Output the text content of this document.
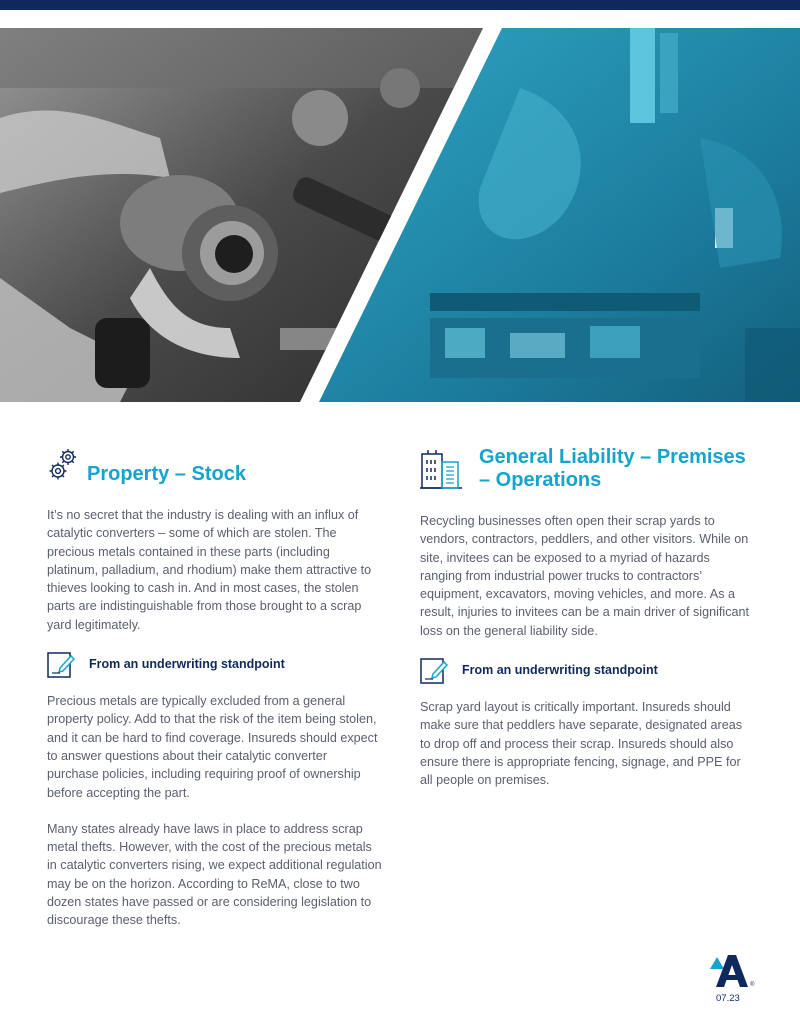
Property – Stock

It’s no secret that the industry is dealing with an influx of catalytic converters – some of which are stolen. The precious metals contained in these parts (including platinum, palladium, and rhodium) make them attractive to thieves looking to cash in. And in most cases, the stolen parts are indistinguishable from those brought to a scrap yard legitimately.

From an underwriting standpoint

Precious metals are typically excluded from a general property policy. Add to that the risk of the item being stolen, and it can be hard to find coverage. Insureds should expect to answer questions about their catalytic converter purchase policies, including requiring proof of ownership before accepting the part.

Many states already have laws in place to address scrap metal thefts. However, with the cost of the precious metals in catalytic converters rising, we expect additional regulation may be on the horizon. According to ReMA, close to two dozen states have passed or are considering legislation to discourage these thefts.

General Liability – Premises – Operations

Recycling businesses often open their scrap yards to vendors, contractors, peddlers, and other visitors. While on site, invitees can be exposed to a myriad of hazards ranging from industrial power trucks to contractors’ equipment, excavators, moving vehicles, and more. As a result, injuries to invitees can be a main driver of significant loss on the general liability side.

From an underwriting standpoint

Scrap yard layout is critically important. Insureds should make sure that peddlers have separate, designated areas to drop off and process their scrap. Insureds should also ensure there is appropriate fencing, signage, and PPE for all people on premises.

®
07.23
